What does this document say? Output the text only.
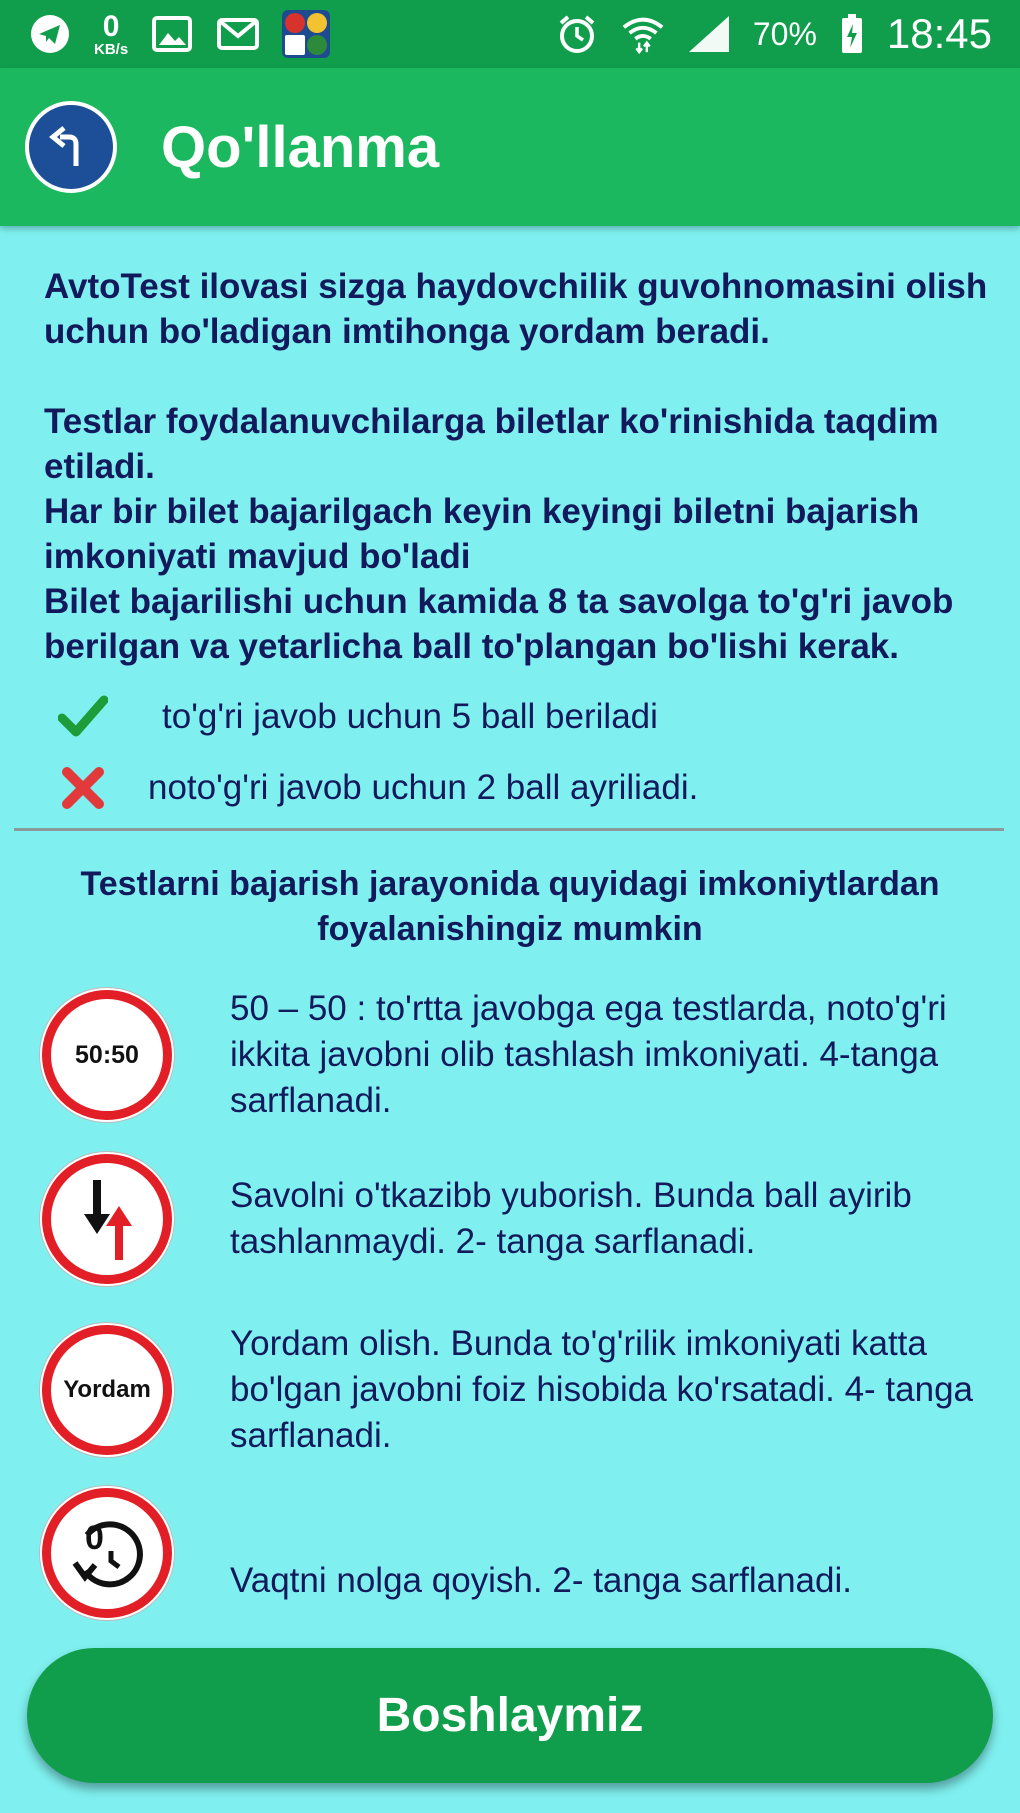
0
KB/s	70% 18:45
Qo'llanma

AvtoTest ilovasi sizga haydovchilik guvohnomasini olish uchun bo'ladigan imtihonga yordam beradi.

Testlar foydalanuvchilarga biletlar ko'rinishida taqdim etiladi.

Har bir bilet bajarilgach keyin keyingi biletni bajarish imkoniyati mavjud bo'ladi

Bilet bajarilishi uchun kamida 8 ta savolga to'g'ri javob berilgan va yetarlicha ball to'plangan bo'lishi kerak.

to'g'ri javob uchun 5 ball beriladi
noto'g'ri javob uchun 2 ball ayriliadi.
Testlarni bajarish jarayonida quyidagi imkoniytlardan foyalanishingiz mumkin
50:50
50 – 50 : to'rtta javobga ega testlarda, noto'g'ri ikkita javobni olib tashlash imkoniyati. 4-tanga sarflanadi.
Savolni o'tkazibb yuborish. Bunda ball ayirib tashlanmaydi. 2- tanga sarflanadi.
Yordam
Yordam olish. Bunda to'g'rilik imkoniyati katta bo'lgan javobni foiz hisobida ko'rsatadi. 4- tanga sarflanadi.
0
Vaqtni nolga qoyish. 2- tanga sarflanadi.
Boshlaymiz
